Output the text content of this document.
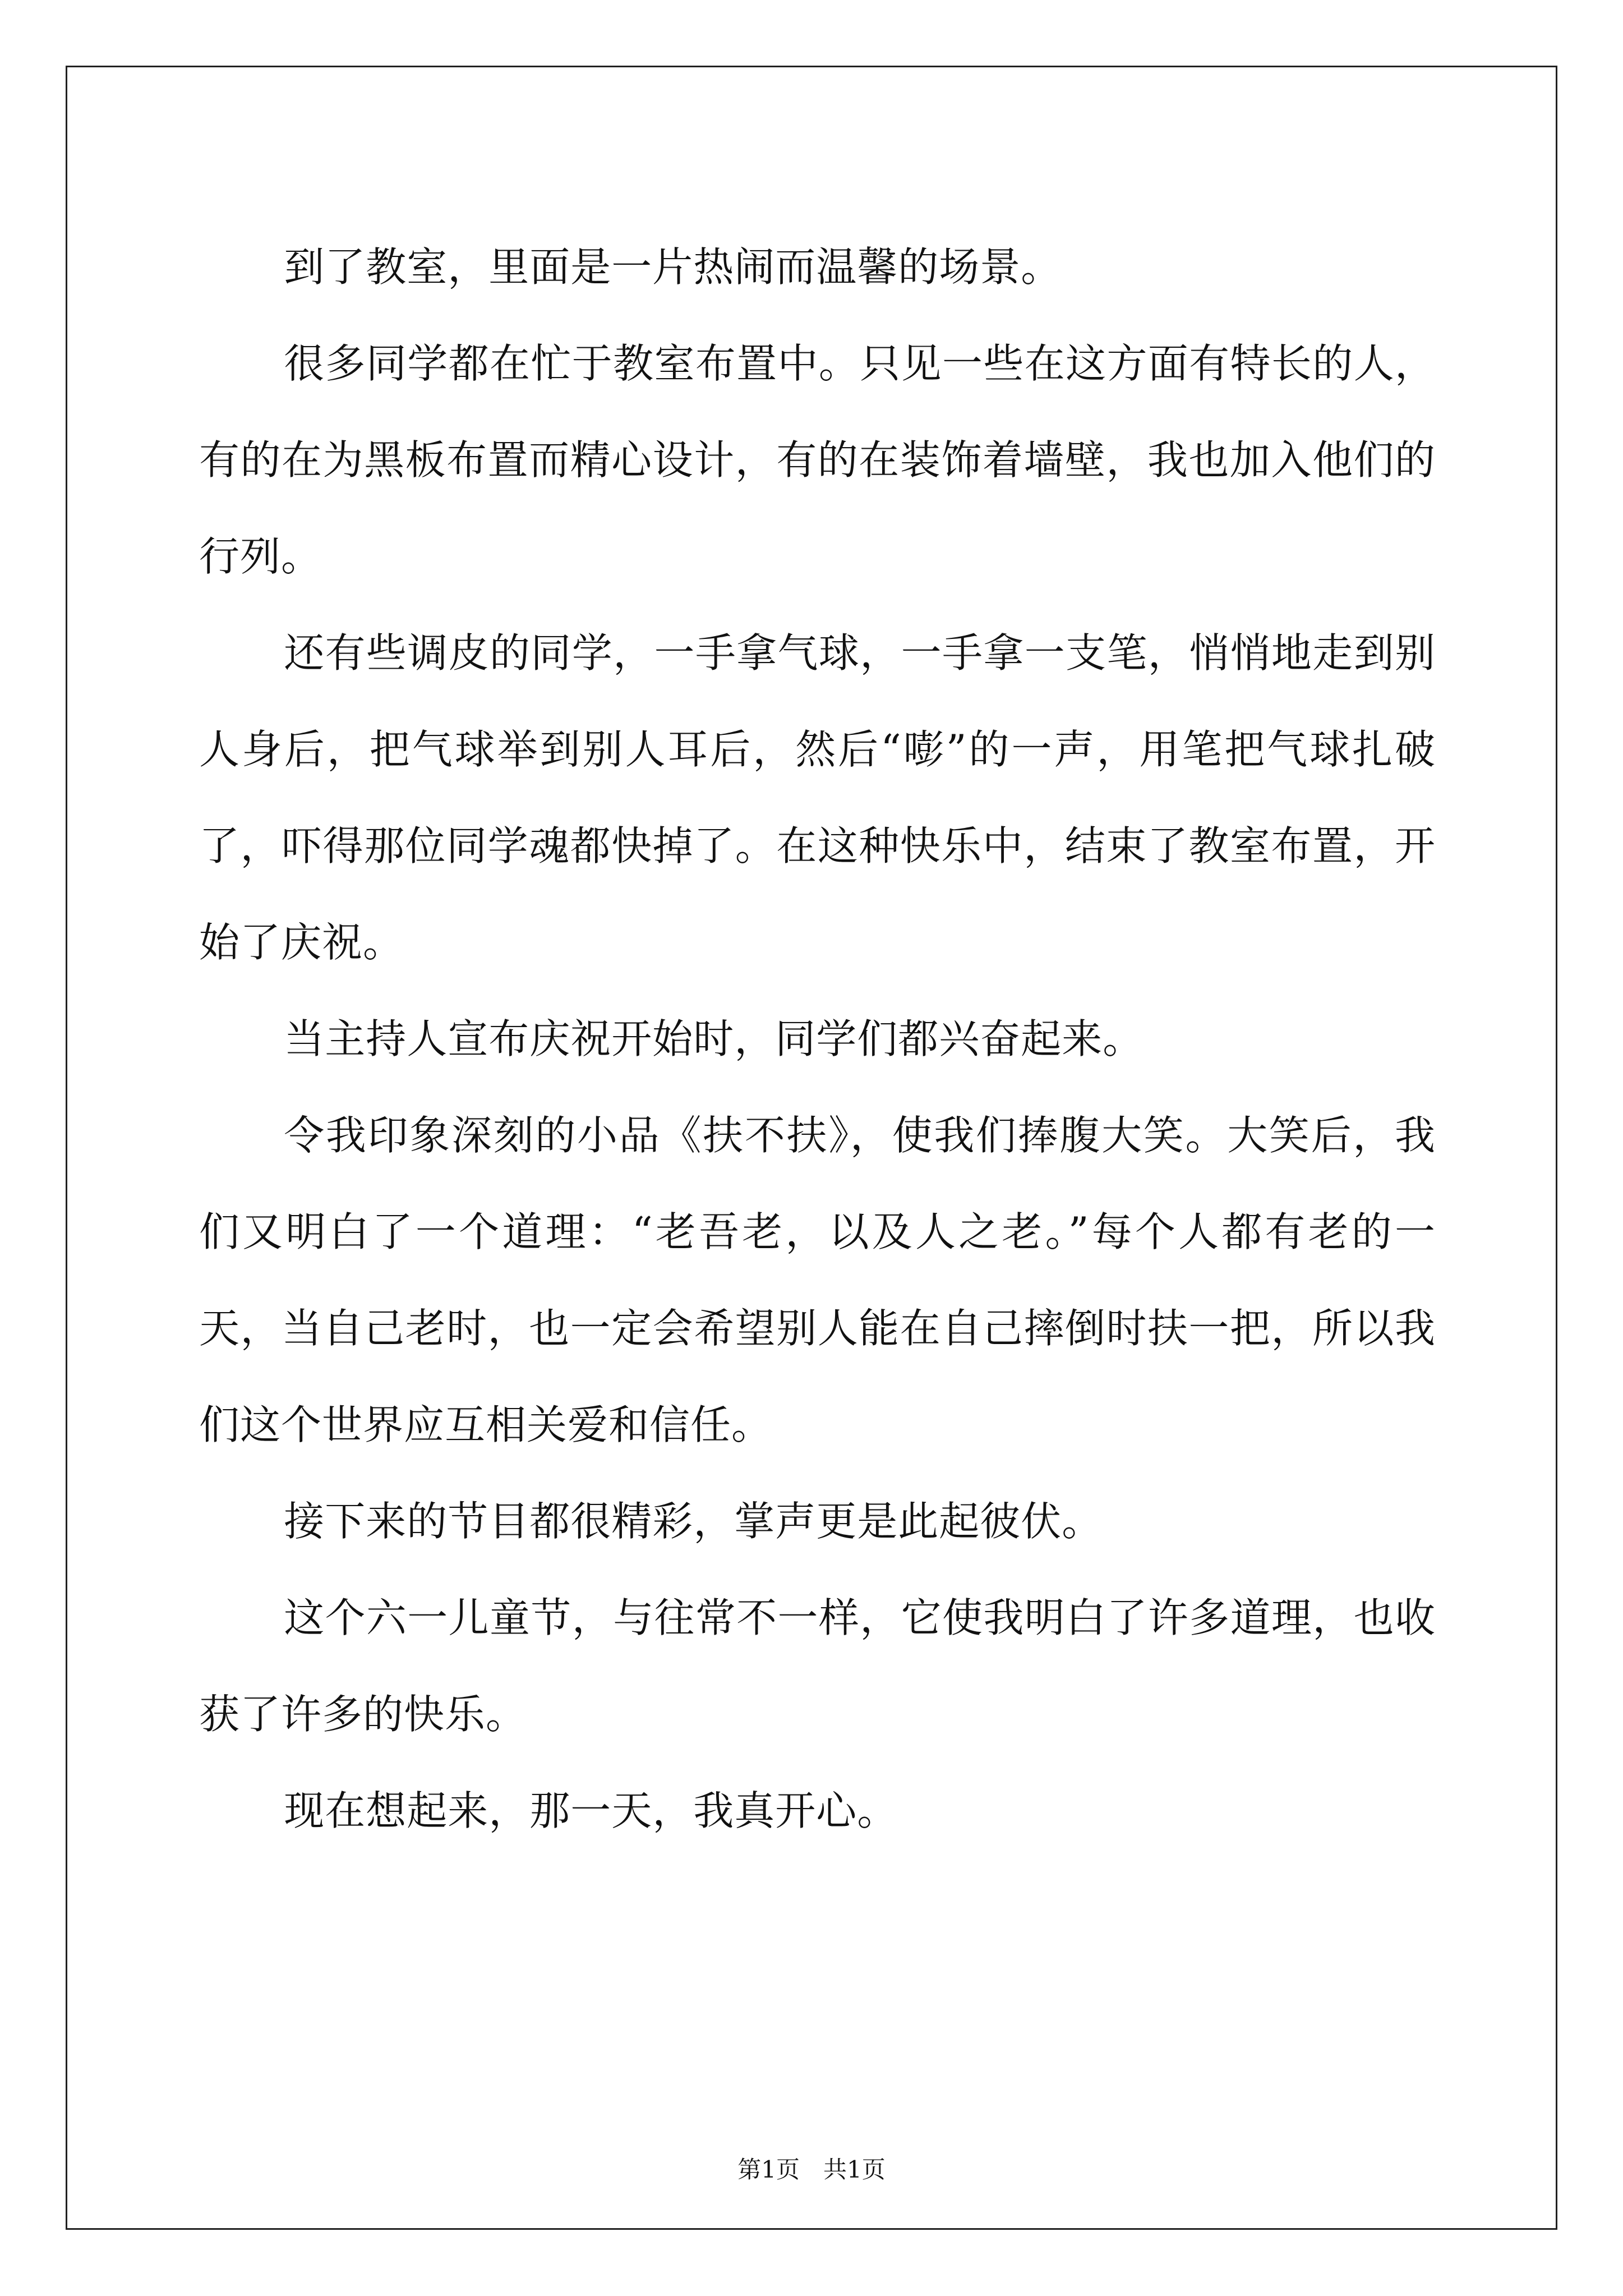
到了教室，里面是一片热闹而温馨的场景。

很多同学都在忙于教室布置中。只见一些在这方面有特长的人，有的在为黑板布置而精心设计，有的在装饰着墙壁，我也加入他们的行列。

还有些调皮的同学，一手拿气球，一手拿一支笔，悄悄地走到别人身后，把气球举到别人耳后，然后“嘭”的一声，用笔把气球扎破了，吓得那位同学魂都快掉了。在这种快乐中，结束了教室布置，开始了庆祝。

当主持人宣布庆祝开始时，同学们都兴奋起来。

令我印象深刻的小品《扶不扶》，使我们捧腹大笑。大笑后，我们又明白了一个道理：“老吾老，以及人之老。”每个人都有老的一天，当自己老时，也一定会希望别人能在自己摔倒时扶一把，所以我们这个世界应互相关爱和信任。

接下来的节目都很精彩，掌声更是此起彼伏。

这个六一儿童节，与往常不一样，它使我明白了许多道理，也收获了许多的快乐。

现在想起来，那一天，我真开心。

第1页 共1页
